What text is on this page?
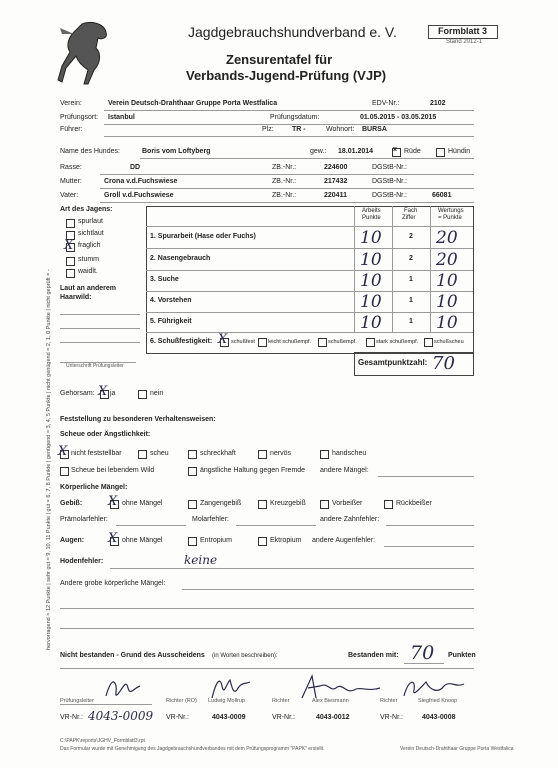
Jagdgebrauchshundverband e. V.	Formblatt 3
Stand 2012-1
Zensurentafel für
Verbands-Jugend-Prüfung (VJP)
Verein:	Verein Deutsch-Drahthaar Gruppe Porta Westfalica	EDV-Nr.:	2102
Prüfungsort: Istanbul	Prüfungsdatum:	01.05.2015 - 03.05.2015
Führer:	Plz:	TR -	Wohnort: BURSA
Name des Hundes:	Boris vom Loftyberg	gew.: 18.01.2014	x Rüde	Hündin
Rasse:	DD	ZB.-Nr.:	224600	DGStB-Nr.:
Mutter:	Crona v.d.Fuchswiese	ZB.-Nr.:	217432	DGStB-Nr.:
Vater:	Groll v.d.Fuchswiese	ZB.-Nr.:	220411	DGStB-Nr.:	66081
hervorragend = 12 Punkte | sehr gut = 9, 10, 11 Punkte | gut = 6, 7, 8 Punkte | genügend = 3, 4, 5 Punkte | nicht genügend = 2, 1, 0 Punkte | nicht geprüft = -
Art des Jagens:
spurlaut
sichtlaut
X fraglich
stumm
waidlt.
Laut an anderem
Haarwild:
Unterschrift Prüfungsleiter
Arbeits
Punkte
Fach
Ziffer
Wertungs
= Punkte
1. Spurarbeit (Hase oder Fuchs)	10	2 20
2. Nasengebrauch	10	2 20
3. Suche	10	1 10
4. Vorstehen	10	1 10
5. Führigkeit	10	1 10
6. Schußfestigkeit: X schußfest leicht schußempf.	schußempf.	stark schußempf.	schußscheu
Gesamtpunktzahl: 70
Gehorsam: X ja	nein
Feststellung zu besonderen Verhaltensweisen:
Scheue oder Ängstlichkeit:
X nicht feststellbar	scheu	schreckhaft	nervös	handscheu
Scheue bei lebendem Wild	ängstliche Haltung gegen Fremde andere Mängel:
Körperliche Mängel:
Gebiß: X ohne Mängel	Zangengebiß	Kreuzgebiß	Vorbeißer	Rückbeißer
Prämolarfehler:	Molarfehler:	andere Zahnfehler:
Augen: X ohne Mängel	Entropium	Ektropium andere Augenfehler:
Hodenfehler:	keine
Andere grobe körperliche Mängel:
Nicht bestanden - Grund des Ausscheidens (in Worten beschreiben):	Bestanden mit: 70 Punkten
Prüfungsleiter	Richter (RO) Ludwig Mollrup	Richter	Alex Biesmann	Richter	Siegfried Knoop
VR-Nr.: 4043-0009 VR-Nr.:	4043-0009	VR-Nr.:	4043-0012	VR-Nr.:	4043-0008
C:\PAPK\reports\JGHV_Formblatt3.rpt
Das Formular wurde mit Genehmigung des Jagdgebrauchshundverbandes mit dem Prüfungsprogramm "PAPK" erstellt.	Verein Deutsch-Drahthaar Gruppe Porta Westfalica
